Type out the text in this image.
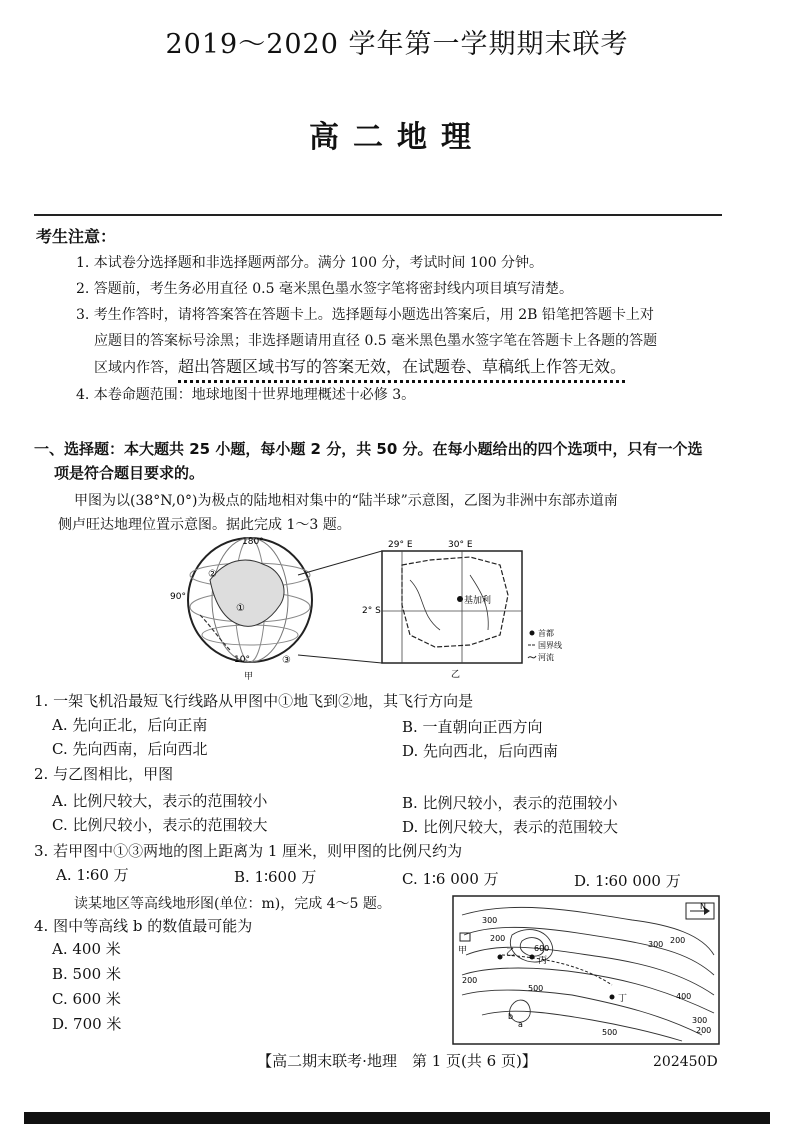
2019～2020 学年第一学期期末联考
高二地理
考生注意：
1. 本试卷分选择题和非选择题两部分。满分 100 分，考试时间 100 分钟。
2. 答题前，考生务必用直径 0.5 毫米黑色墨水签字笔将密封线内项目填写清楚。
3. 考生作答时，请将答案答在答题卡上。选择题每小题选出答案后，用 2B 铅笔把答题卡上对
应题目的答案标号涂黑；非选择题请用直径 0.5 毫米黑色墨水签字笔在答题卡上各题的答题
区域内作答，超出答题区域书写的答案无效，在试题卷、草稿纸上作答无效。
4. 本卷命题范围：地球地图十世界地理概述十必修 3。
一、选择题：本大题共 25 小题，每小题 2 分，共 50 分。在每小题给出的四个选项中，只有一个选
项是符合题目要求的。
甲图为以(38°N,0°)为极点的陆地相对集中的“陆半球”示意图，乙图为非洲中东部赤道南
侧卢旺达地理位置示意图。据此完成 1～3 题。
180°
90°
10°
②
①
③
甲
基加利
29° E	30° E
2° S
首都
国界线
河流
乙
1. 一架飞机沿最短飞行线路从甲图中①地飞到②地，其飞行方向是
A. 先向正北，后向正南	B. 一直朝向正西方向
C. 先向西南，后向西北	D. 先向西北，后向西南
2. 与乙图相比，甲图
A. 比例尺较大，表示的范围较小	B. 比例尺较小，表示的范围较小
C. 比例尺较小，表示的范围较大	D. 比例尺较大，表示的范围较大
3. 若甲图中①③两地的图上距离为 1 厘米，则甲图的比例尺约为
A. 1∶60 万	B. 1∶600 万	C. 1∶6 000 万	D. 1∶60 000 万
读某地区等高线地形图(单位：m)，完成 4～5 题。
4. 图中等高线 b 的数值最可能为
A. 400 米
B. 500 米
C. 600 米
D. 700 米
N
300
200
600	300 200
400
500
500
300
200
200
甲	乙
丙
丁
a
b
【高二期末联考·地理　第 1 页(共 6 页)】	202450D
